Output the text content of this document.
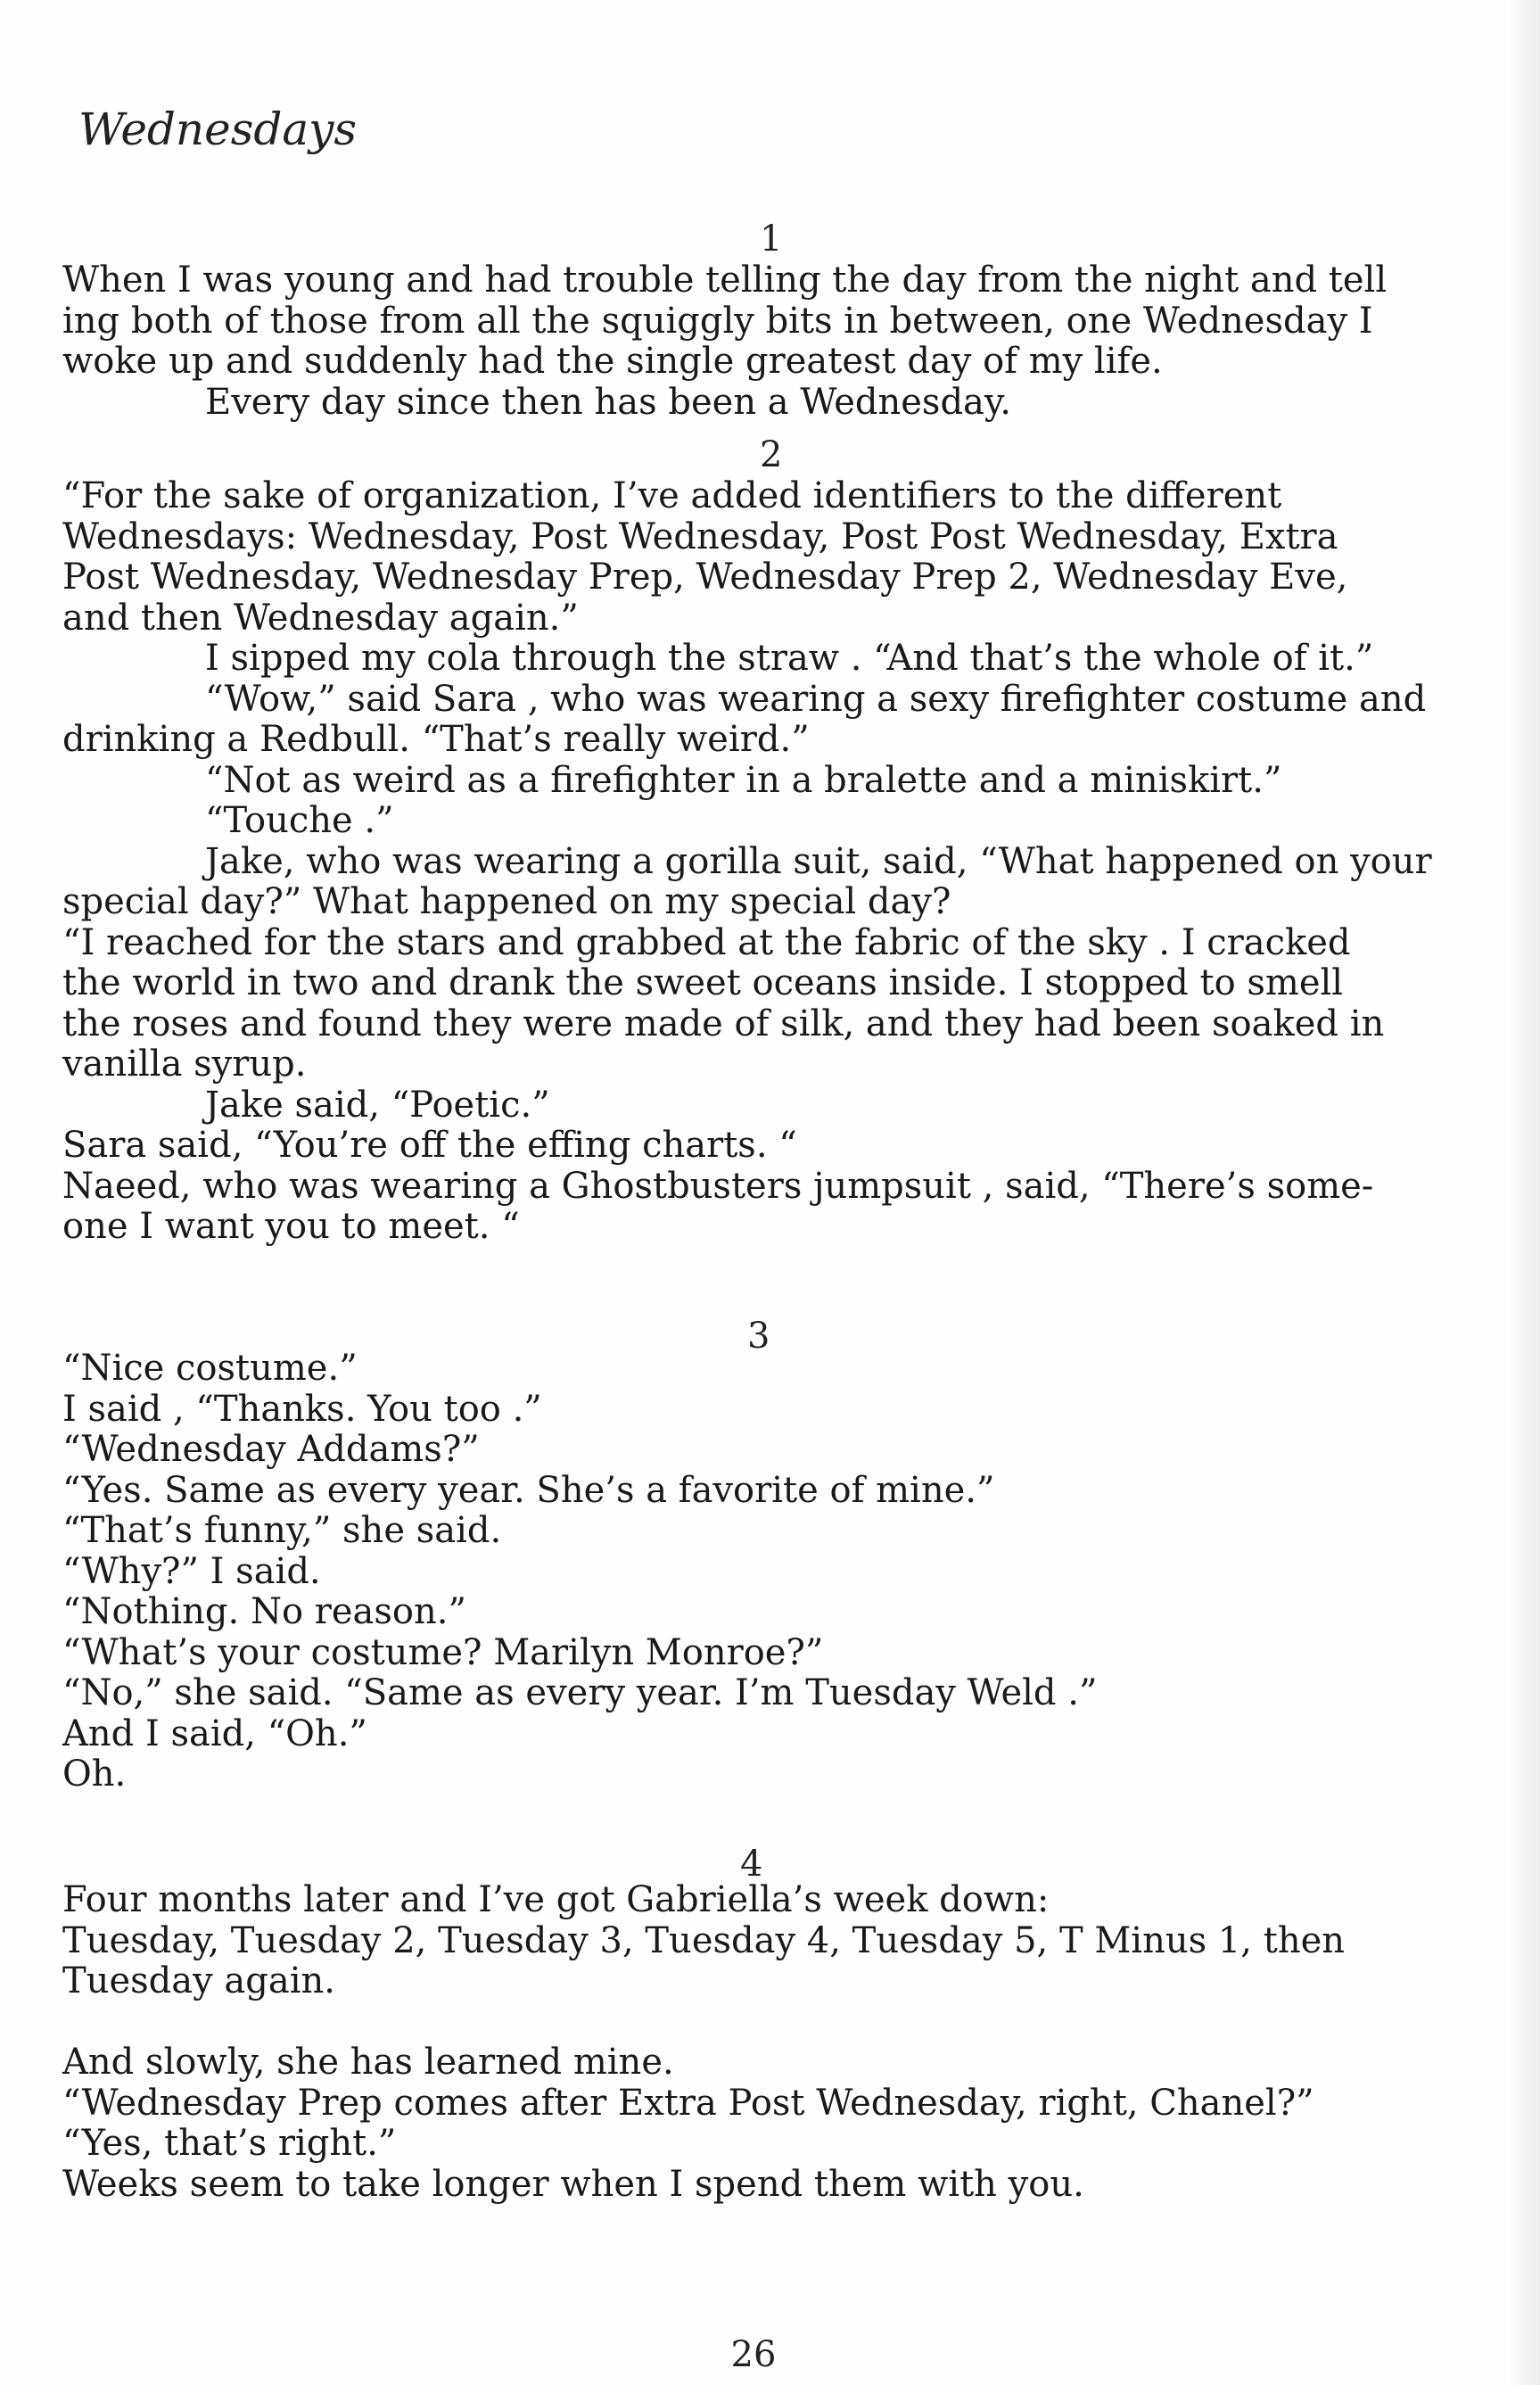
Wednesdays
1
When I was young and had trouble telling the day from the night and tell
ing both of those from all the squiggly bits in between, one Wednesday I
woke up and suddenly had the single greatest day of my life.
Every day since then has been a Wednesday.
2
“For the sake of organization, I’ve added identifiers to the different
Wednesdays: Wednesday, Post Wednesday, Post Post Wednesday, Extra
Post Wednesday, Wednesday Prep, Wednesday Prep 2, Wednesday Eve,
and then Wednesday again.”
I sipped my cola through the straw . “And that’s the whole of it.”
“Wow,” said Sara , who was wearing a sexy firefighter costume and
drinking a Redbull. “That’s really weird.”
“Not as weird as a firefighter in a bralette and a miniskirt.”
“Touche .”
Jake, who was wearing a gorilla suit, said, “What happened on your
special day?” What happened on my special day?
“I reached for the stars and grabbed at the fabric of the sky . I cracked
the world in two and drank the sweet oceans inside. I stopped to smell
the roses and found they were made of silk, and they had been soaked in
vanilla syrup.
Jake said, “Poetic.”
Sara said, “You’re off the effing charts. “
Naeed, who was wearing a Ghostbusters jumpsuit , said, “There’s some-
one I want you to meet. “
3
“Nice costume.”
I said , “Thanks. You too .”
“Wednesday Addams?”
“Yes. Same as every year. She’s a favorite of mine.”
“That’s funny,” she said.
“Why?” I said.
“Nothing. No reason.”
“What’s your costume? Marilyn Monroe?”
“No,” she said. “Same as every year. I’m Tuesday Weld .”
And I said, “Oh.”
Oh.
4
Four months later and I’ve got Gabriella’s week down:
Tuesday, Tuesday 2, Tuesday 3, Tuesday 4, Tuesday 5, T Minus 1, then
Tuesday again.
And slowly, she has learned mine.
“Wednesday Prep comes after Extra Post Wednesday, right, Chanel?”
“Yes, that’s right.”
Weeks seem to take longer when I spend them with you.
26
